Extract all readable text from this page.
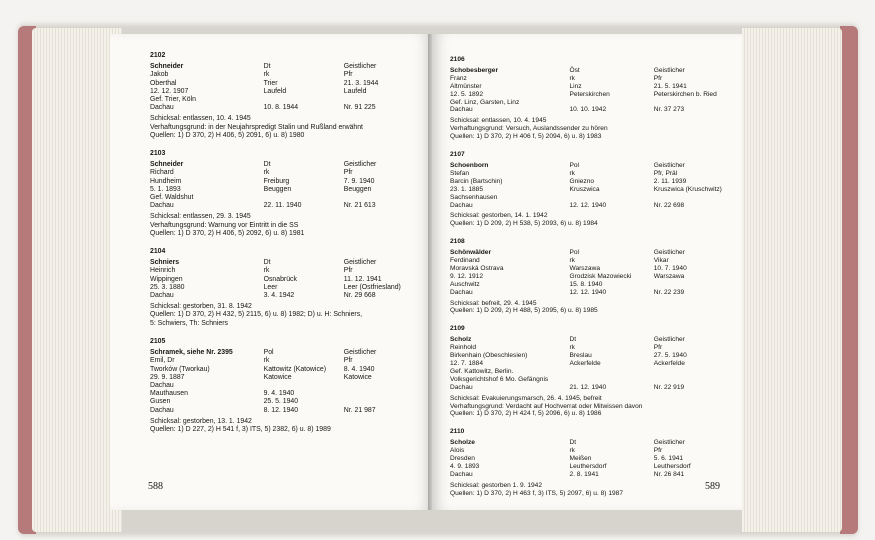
2102
Schneider	Dt	Geistlicher
Jakob	rk	Pfr
Oberthal	Trier	21. 3. 1944
12. 12. 1907	Laufeld	Laufeld
Gef. Trier, Köln
Dachau	10. 8. 1944	Nr. 91 225
Schicksal: entlassen, 10. 4. 1945
Verhaftungsgrund: in der Neujahrspredigt Stalin und Rußland erwähnt
Quellen: 1) D 370, 2) H 406, 5) 2091, 6) u. 8) 1980
2103
Schneider	Dt	Geistlicher
Richard	rk	Pfr
Hundheim	Freiburg	7. 9. 1940
5. 1. 1893	Beuggen	Beuggen
Gef. Waldshut
Dachau	22. 11. 1940	Nr. 21 613
Schicksal: entlassen, 29. 3. 1945
Verhaftungsgrund: Warnung vor Eintritt in die SS
Quellen: 1) D 370, 2) H 406, 5) 2092, 6) u. 8) 1981
2104
Schniers	Dt	Geistlicher
Heinrich	rk	Pfr
Wippingen	Osnabrück	11. 12. 1941
25. 3. 1880	Leer	Leer (Ostfriesland)
Dachau	3. 4. 1942	Nr. 29 668
Schicksal: gestorben, 31. 8. 1942
Quellen: 1) D 370, 2) H 432, 5) 2115, 6) u. 8) 1982; D) u. H: Schniers,
5: Schwiers, Th: Schniers
2105
Schramek, siehe Nr. 2395	Pol	Geistlicher
Emil, Dr	rk	Pfr
Tworków (Tworkau)	Kattowitz (Katowice)	8. 4. 1940
29. 9. 1887	Katowice	Katowice
Dachau
Mauthausen	9. 4. 1940
Gusen	25. 5. 1940
Dachau	8. 12. 1940	Nr. 21 987
Schicksal: gestorben, 13. 1. 1942
Quellen: 1) D 227, 2) H 541 f, 3) ITS, 5) 2382, 6) u. 8) 1989
588
2106
Schobesberger	Öst	Geistlicher
Franz	rk	Pfr
Altmünster	Linz	21. 5. 1941
12. 5. 1892	Peterskirchen	Peterskirchen b. Ried
Gef. Linz, Garsten, Linz
Dachau	10. 10. 1942	Nr. 37 273
Schicksal: entlassen, 10. 4. 1945
Verhaftungsgrund: Versuch, Auslandssender zu hören
Quellen: 1) D 370, 2) H 406 f, 5) 2094, 6) u. 8) 1983
2107
Schoenborn	Pol	Geistlicher
Stefan	rk	Pfr, Präl
Barcin (Bartschin)	Gniezno	2. 11. 1939
23. 1. 1885	Kruszwica	Kruszwica (Kruschwitz)
Sachsenhausen
Dachau	12. 12. 1940	Nr. 22 698
Schicksal: gestorben, 14. 1. 1942
Quellen: 1) D 209, 2) H 538, 5) 2093, 6) u. 8) 1984
2108
Schönwälder	Pol	Geistlicher
Ferdinand	rk	Vikar
Moravská Ostrava	Warszawa	10. 7. 1940
9. 12. 1912	Grodzisk Mazowiecki	Warszawa
Auschwitz	15. 8. 1940
Dachau	12. 12. 1940	Nr. 22 239
Schicksal: befreit, 29. 4. 1945
Quellen: 1) D 209, 2) H 488, 5) 2095, 6) u. 8) 1985
2109
Scholz	Dt	Geistlicher
Reinhold	rk	Pfr
Birkenhain (Obeschlesien)	Breslau	27. 5. 1940
12. 7. 1884	Ackerfelde	Ackerfelde
Gef. Kattowitz, Berlin.
Volksgerichtshof 6 Mo. Gefängnis
Dachau	21. 12. 1940	Nr. 22 919
Schicksal: Evakuierungsmarsch, 26. 4. 1945, befreit
Verhaftungsgrund: Verdacht auf Hochverrat oder Mitwissen davon
Quellen: 1) D 370, 2) H 424 f, 5) 2096, 6) u. 8) 1986
2110
Scholze	Dt	Geistlicher
Alois	rk	Pfr
Dresden	Meißen	5. 6. 1941
4. 9. 1893	Leuthersdorf	Leuthersdorf
Dachau	2. 8. 1941	Nr. 26 841
Schicksal: gestorben 1. 9. 1942
Quellen: 1) D 370, 2) H 463 f, 3) ITS, 5) 2097, 6) u. 8) 1987
589
